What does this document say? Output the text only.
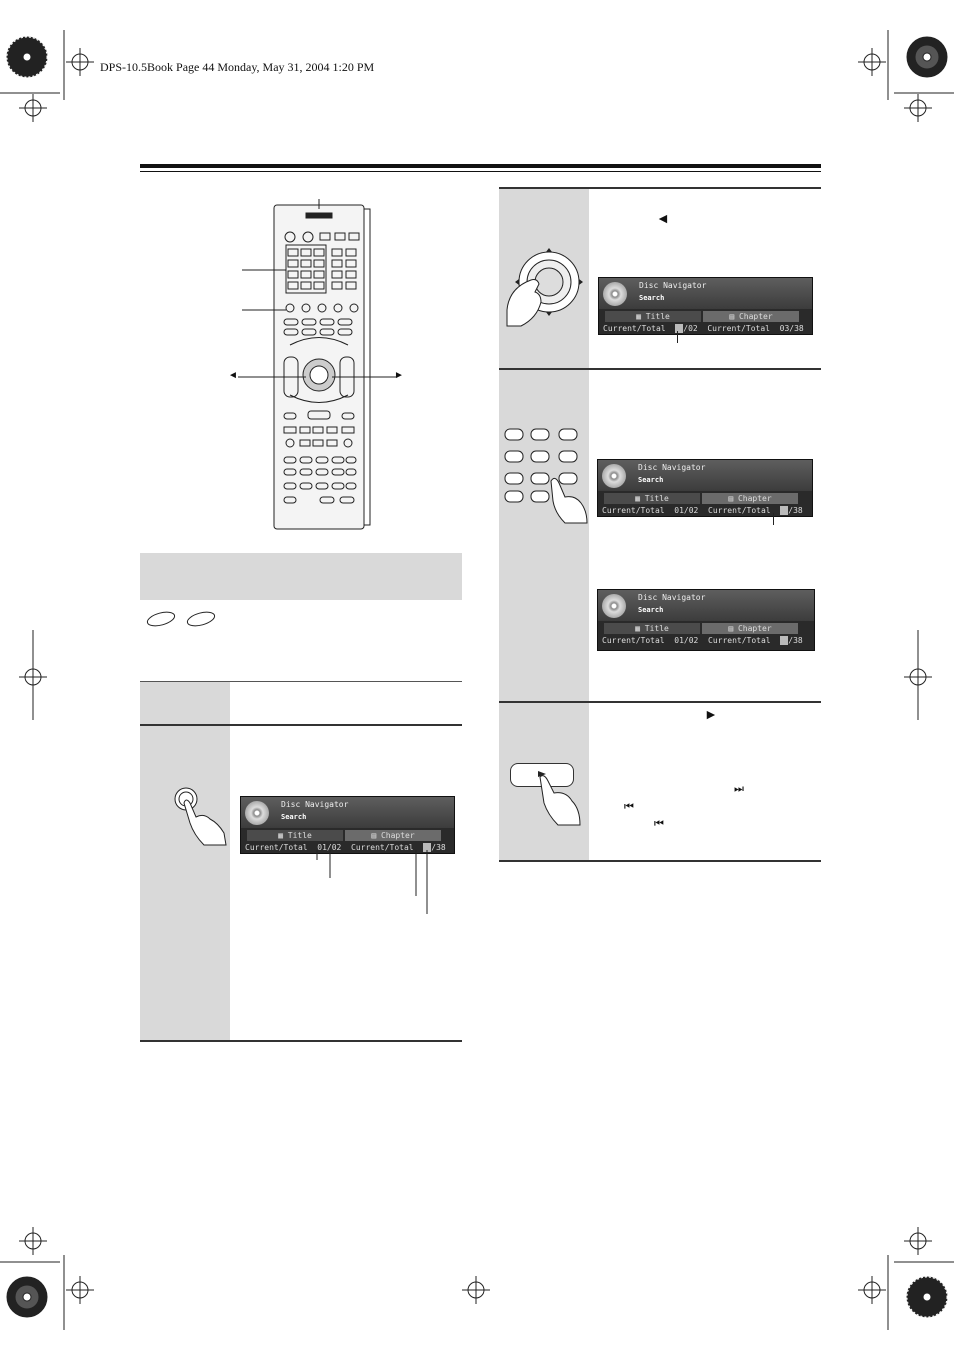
DPS-10.5Book Page 44 Monday, May 31, 2004 1:20 PM
◄	►
Disc Navigator
Search
▦ Title	▤ Chapter
Current/Total 01/02 Current/Total /38
◄
Disc Navigator
Search
▦ Title	▤ Chapter
Current/Total /02 Current/Total 03/38
Disc Navigator
Search
▦ Title	▤ Chapter
Current/Total 01/02 Current/Total /38
Disc Navigator
Search
▦ Title	▤ Chapter
Current/Total 01/02 Current/Total /38
►
⏭
⏮
⏮
